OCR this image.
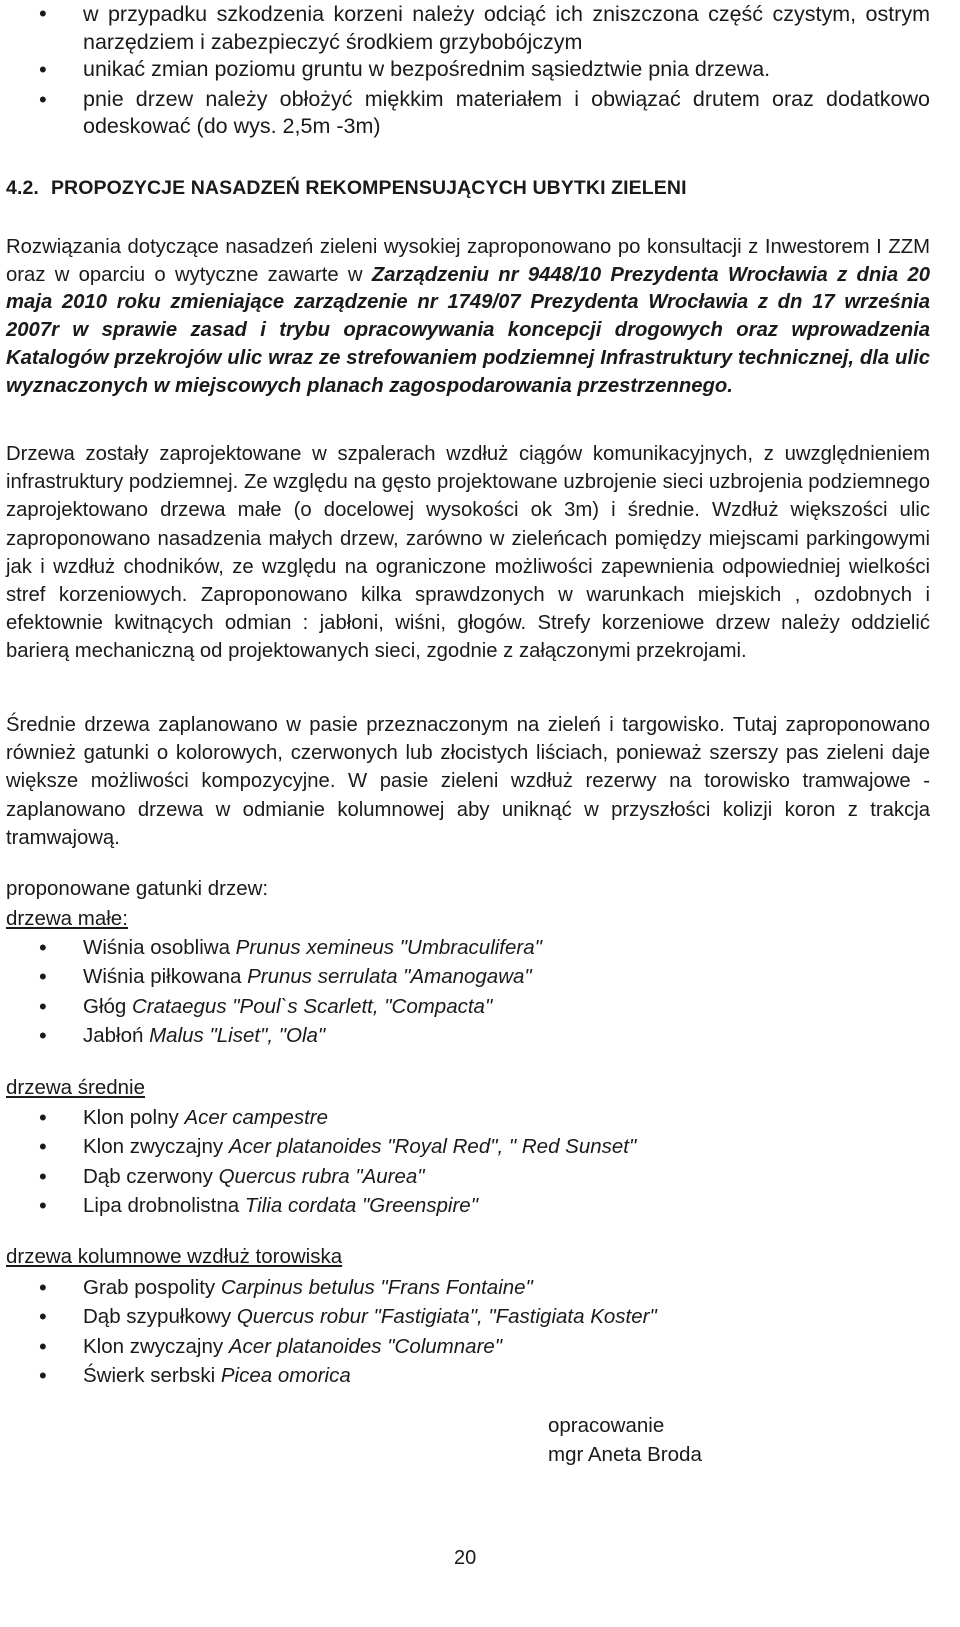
• w przypadku szkodzenia korzeni należy odciąć ich zniszczona część czystym, ostrym narzędziem i zabezpieczyć środkiem grzybobójczym
• unikać zmian poziomu gruntu w bezpośrednim sąsiedztwie pnia drzewa.
• pnie drzew należy obłożyć miękkim materiałem i obwiązać drutem oraz dodatkowo odeskować (do wys. 2,5m -3m)
4.2. PROPOZYCJE NASADZEŃ REKOMPENSUJĄCYCH UBYTKI ZIELENI
Rozwiązania dotyczące nasadzeń zieleni wysokiej zaproponowano po konsultacji z Inwestorem I ZZM oraz w oparciu o wytyczne zawarte w Zarządzeniu nr 9448/10 Prezydenta Wrocławia z dnia 20 maja 2010 roku zmieniające zarządzenie nr 1749/07 Prezydenta Wrocławia z dn 17 września 2007r w sprawie zasad i trybu opracowywania koncepcji drogowych oraz wprowadzenia Katalogów przekrojów ulic wraz ze strefowaniem podziemnej Infrastruktury technicznej, dla ulic wyznaczonych w miejscowych planach zagospodarowania przestrzennego.
Drzewa zostały zaprojektowane w szpalerach wzdłuż ciągów komunikacyjnych, z uwzględnieniem infrastruktury podziemnej. Ze względu na gęsto projektowane uzbrojenie sieci uzbrojenia podziemnego zaprojektowano drzewa małe (o docelowej wysokości ok 3m) i średnie. Wzdłuż większości ulic zaproponowano nasadzenia małych drzew, zarówno w zieleńcach pomiędzy miejscami parkingowymi jak i wzdłuż chodników, ze względu na ograniczone możliwości zapewnienia odpowiedniej wielkości stref korzeniowych. Zaproponowano kilka sprawdzonych w warunkach miejskich , ozdobnych i efektownie kwitnących odmian : jabłoni, wiśni, głogów. Strefy korzeniowe drzew należy oddzielić barierą mechaniczną od projektowanych sieci, zgodnie z załączonymi przekrojami.
Średnie drzewa zaplanowano w pasie przeznaczonym na zieleń i targowisko. Tutaj zaproponowano również gatunki o kolorowych, czerwonych lub złocistych liściach, ponieważ szerszy pas zieleni daje większe możliwości kompozycyjne. W pasie zieleni wzdłuż rezerwy na torowisko tramwajowe - zaplanowano drzewa w odmianie kolumnowej aby uniknąć w przyszłości kolizji koron z trakcja tramwajową.
proponowane gatunki drzew:
drzewa małe:
• Wiśnia osobliwa Prunus xemineus "Umbraculifera"
• Wiśnia piłkowana Prunus serrulata "Amanogawa"
• Głóg Crataegus "Poul`s Scarlett, "Compacta"
• Jabłoń Malus "Liset", "Ola"
drzewa średnie
• Klon polny Acer campestre
• Klon zwyczajny Acer platanoides "Royal Red", " Red Sunset"
• Dąb czerwony Quercus rubra "Aurea"
• Lipa drobnolistna Tilia cordata "Greenspire"
drzewa kolumnowe wzdłuż torowiska
• Grab pospolity Carpinus betulus "Frans Fontaine"
• Dąb szypułkowy Quercus robur "Fastigiata", "Fastigiata Koster"
• Klon zwyczajny Acer platanoides "Columnare"
• Świerk serbski Picea omorica
opracowanie
mgr Aneta Broda
20
